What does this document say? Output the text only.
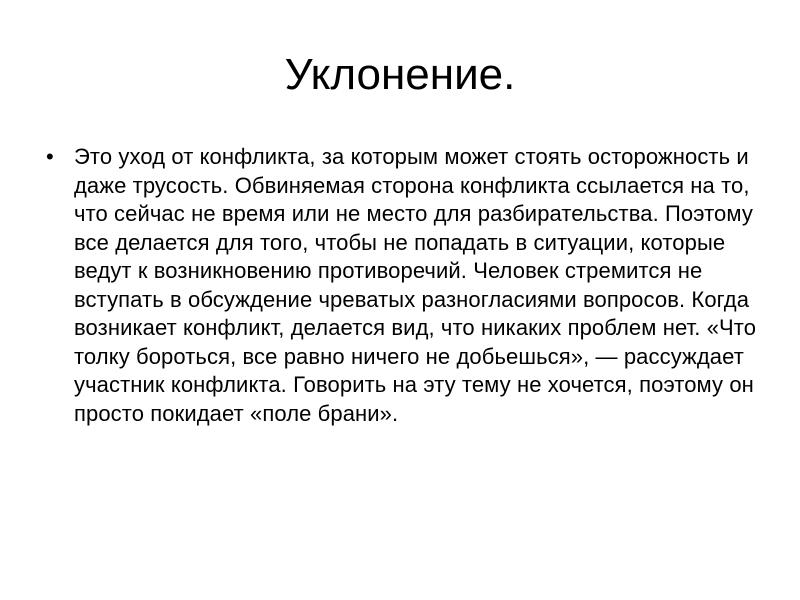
Уклонение.
• Это уход от конфликта, за которым может стоять осторожность и даже трусость. Обвиняемая сторона конфликта ссылается на то, что сейчас не время или не место для разбирательства. Поэтому все делается для того, чтобы не попадать в ситуации, которые ведут к возникновению противоречий. Человек стремится не вступать в обсуждение чреватых разногласиями вопросов. Когда возникает конфликт, делается вид, что никаких проблем нет. «Что толку бороться, все равно ничего не добьешься», — рассуждает участник конфликта. Говорить на эту тему не хочется, поэтому он просто покидает «поле брани».
